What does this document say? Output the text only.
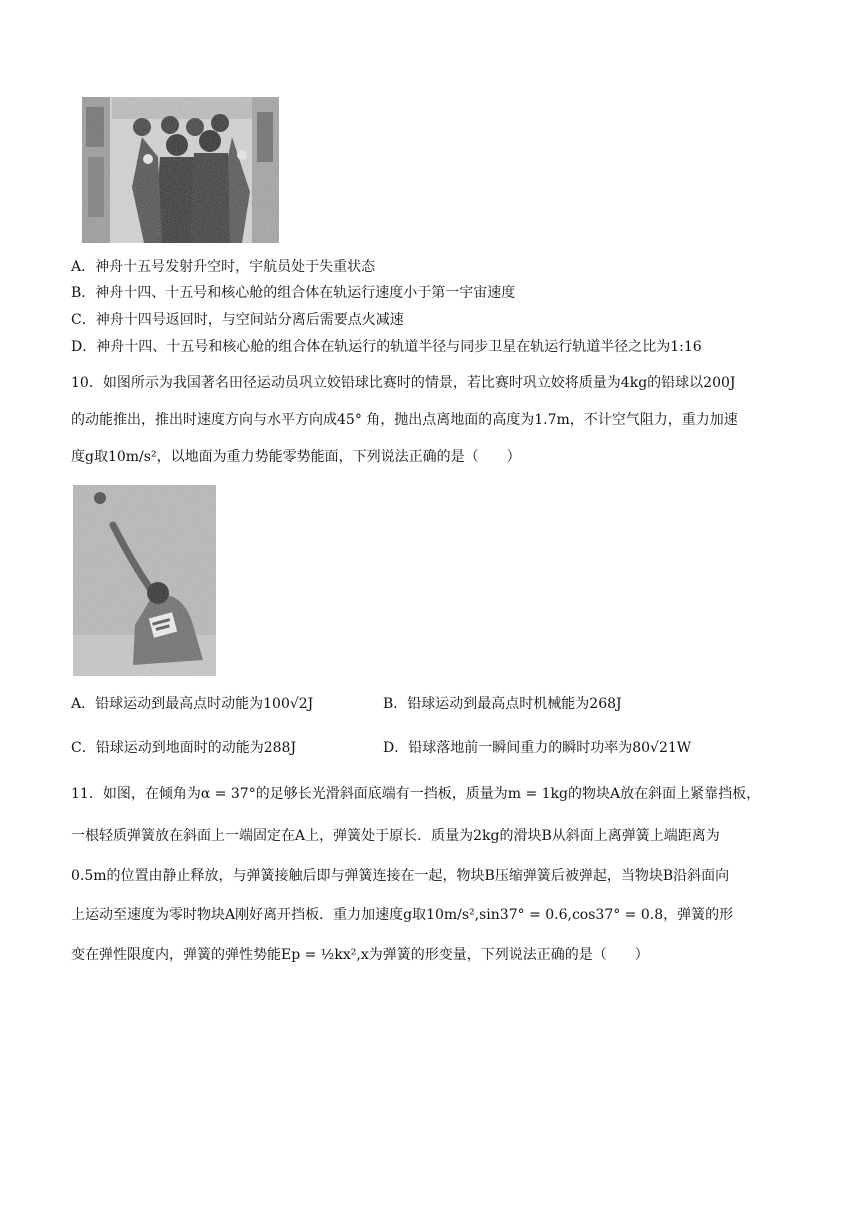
A．神舟十五号发射升空时，宇航员处于失重状态
B．神舟十四、十五号和核心舱的组合体在轨运行速度小于第一宇宙速度
C．神舟十四号返回时，与空间站分离后需要点火减速
D．神舟十四、十五号和核心舱的组合体在轨运行的轨道半径与同步卫星在轨运行轨道半径之比为1:16
10．如图所示为我国著名田径运动员巩立姣铅球比赛时的情景，若比赛时巩立姣将质量为4kg的铅球以200J
的动能推出，推出时速度方向与水平方向成45° 角，抛出点离地面的高度为1.7m，不计空气阻力，重力加速
度g取10m/s²，以地面为重力势能零势能面，下列说法正确的是（　　）
A．铅球运动到最高点时动能为100√2J	B．铅球运动到最高点时机械能为268J
C．铅球运动到地面时的动能为288J	D．铅球落地前一瞬间重力的瞬时功率为80√21W
11．如图，在倾角为α = 37°的足够长光滑斜面底端有一挡板，质量为m = 1kg的物块A放在斜面上紧靠挡板，
一根轻质弹簧放在斜面上一端固定在A上，弹簧处于原长．质量为2kg的滑块B从斜面上离弹簧上端距离为
0.5m的位置由静止释放，与弹簧接触后即与弹簧连接在一起，物块B压缩弹簧后被弹起，当物块B沿斜面向
上运动至速度为零时物块A刚好离开挡板．重力加速度g取10m/s²,sin37° = 0.6,cos37° = 0.8，弹簧的形
变在弹性限度内，弹簧的弹性势能Ep = ½kx²,x为弹簧的形变量，下列说法正确的是（　　）
